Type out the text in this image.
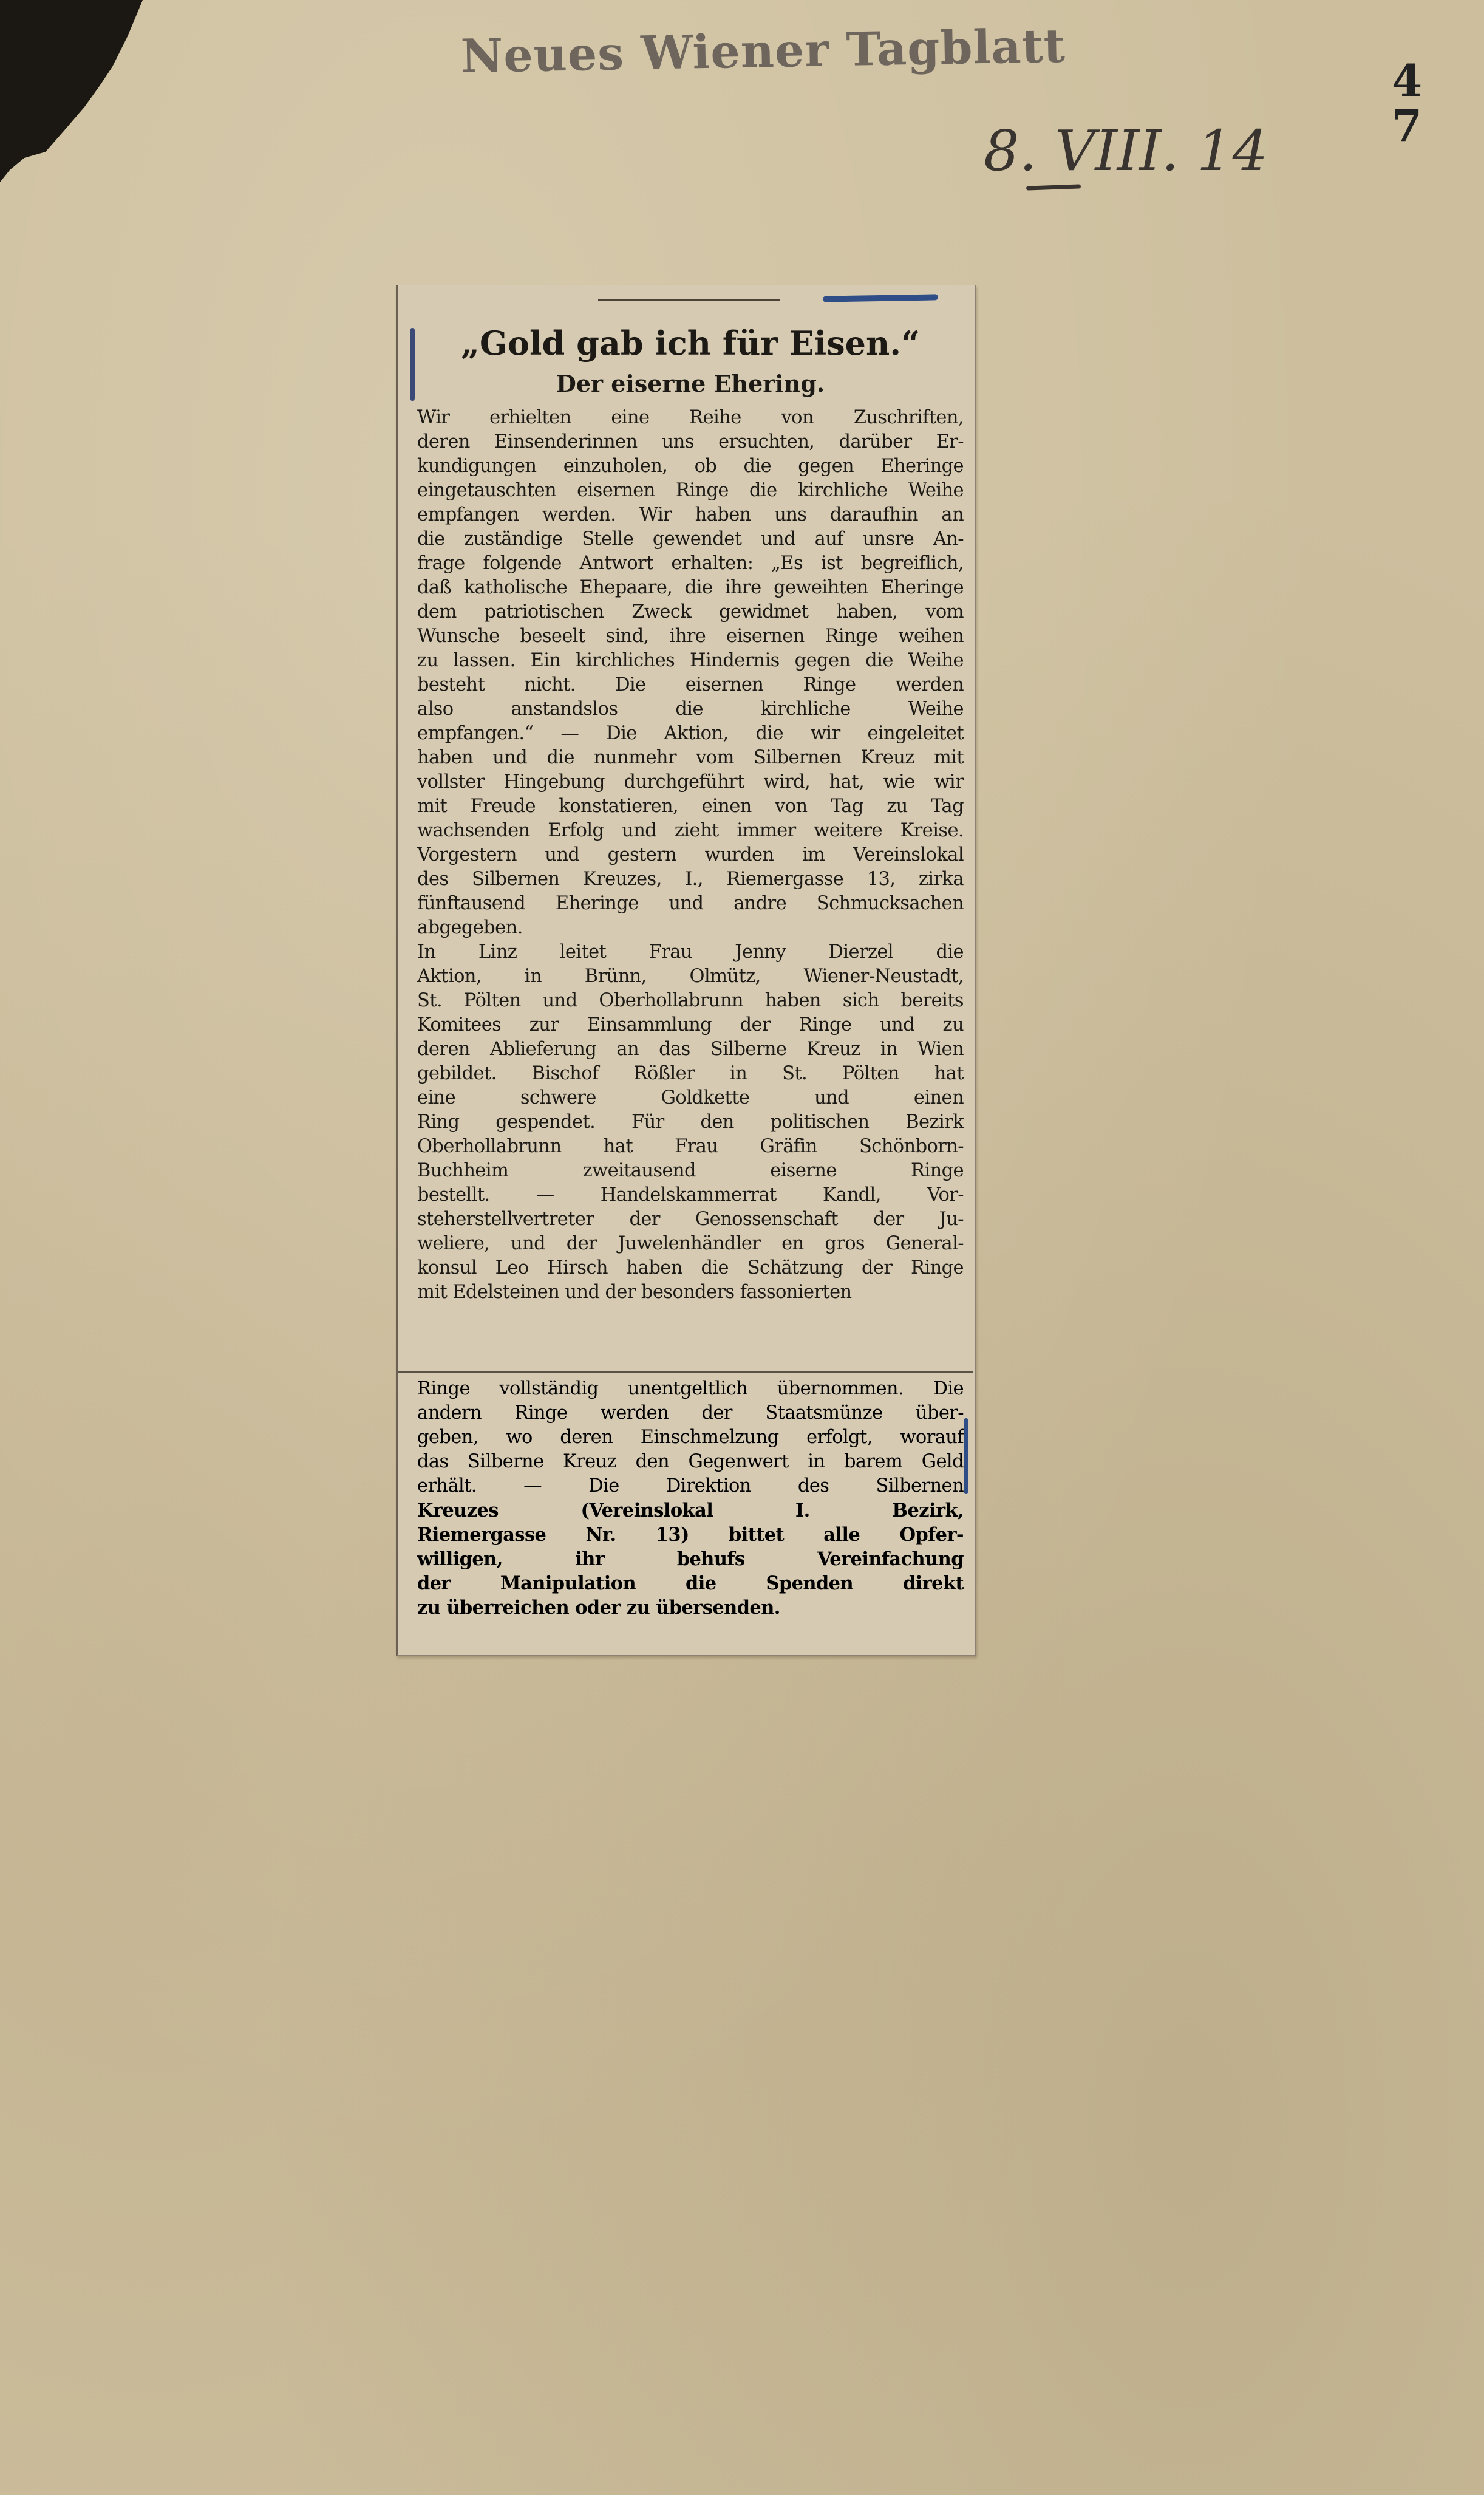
Neues Wiener Tagblatt	4
7
8. VIII. 14
„Gold gab ich für Eisen.“
Der eiserne Ehering.
Wir erhielten eine Reihe von Zuschriften,
deren Einsenderinnen uns ersuchten, darüber Er-
kundigungen einzuholen, ob die gegen Eheringe
eingetauschten eisernen Ringe die kirchliche Weihe
empfangen werden. Wir haben uns daraufhin an
die zuständige Stelle gewendet und auf unsre An-
frage folgende Antwort erhalten: „Es ist begreiflich,
daß katholische Ehepaare, die ihre geweihten Eheringe
dem patriotischen Zweck gewidmet haben, vom
Wunsche beseelt sind, ihre eisernen Ringe weihen
zu lassen. Ein kirchliches Hindernis gegen die Weihe
besteht nicht. Die eisernen Ringe werden
also anstandslos die kirchliche Weihe
empfangen.“ — Die Aktion, die wir eingeleitet
haben und die nunmehr vom Silbernen Kreuz mit
vollster Hingebung durchgeführt wird, hat, wie wir
mit Freude konstatieren, einen von Tag zu Tag
wachsenden Erfolg und zieht immer weitere Kreise.
Vorgestern und gestern wurden im Vereinslokal
des Silbernen Kreuzes, I., Riemergasse 13, zirka
fünftausend Eheringe und andre Schmucksachen
abgegeben.
In Linz leitet Frau Jenny Dierzel die
Aktion, in Brünn, Olmütz, Wiener-Neustadt,
St. Pölten und Oberhollabrunn haben sich bereits
Komitees zur Einsammlung der Ringe und zu
deren Ablieferung an das Silberne Kreuz in Wien
gebildet. Bischof Rößler in St. Pölten hat
eine schwere Goldkette und einen
Ring gespendet. Für den politischen Bezirk
Oberhollabrunn hat Frau Gräfin Schönborn-
Buchheim zweitausend eiserne Ringe
bestellt. — Handelskammerrat Kandl, Vor-
steherstellvertreter der Genossenschaft der Ju-
weliere, und der Juwelenhändler en gros General-
konsul Leo Hirsch haben die Schätzung der Ringe
mit Edelsteinen und der besonders fassonierten
Ringe vollständig unentgeltlich übernommen. Die
andern Ringe werden der Staatsmünze über-
geben, wo deren Einschmelzung erfolgt, worauf
das Silberne Kreuz den Gegenwert in barem Geld
erhält. — Die Direktion des Silbernen
Kreuzes (Vereinslokal I. Bezirk,
Riemergasse Nr. 13) bittet alle Opfer-
willigen, ihr behufs Vereinfachung
der Manipulation die Spenden direkt
zu überreichen oder zu übersenden.
